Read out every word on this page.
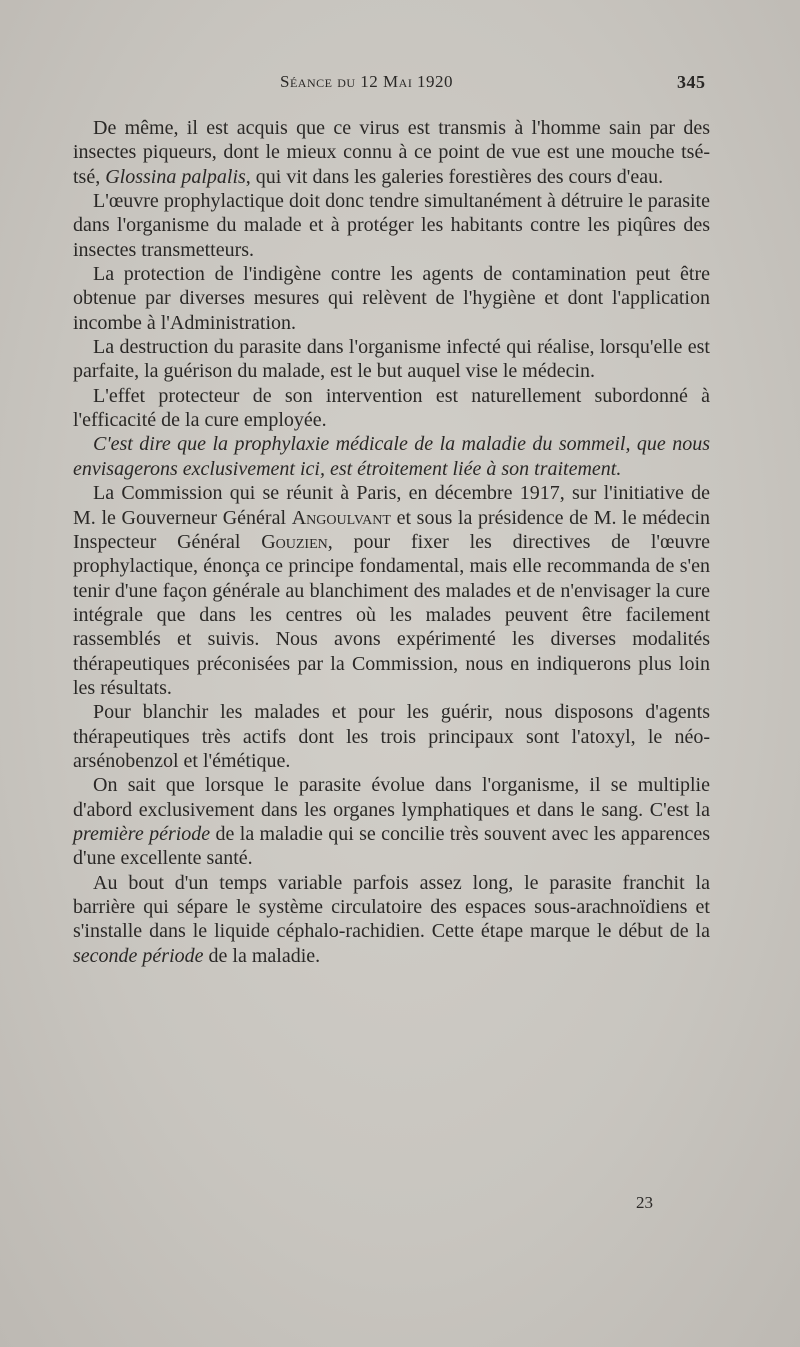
Séance du 12 Mai 1920	345

De même, il est acquis que ce virus est transmis à l'homme sain par des insectes piqueurs, dont le mieux connu à ce point de vue est une mouche tsé-tsé, Glossina palpalis, qui vit dans les galeries forestières des cours d'eau.

L'œuvre prophylactique doit donc tendre simultanément à détruire le parasite dans l'organisme du malade et à protéger les habitants contre les piqûres des insectes transmetteurs.

La protection de l'indigène contre les agents de contamination peut être obtenue par diverses mesures qui relèvent de l'hygiène et dont l'application incombe à l'Administration.

La destruction du parasite dans l'organisme infecté qui réalise, lorsqu'elle est parfaite, la guérison du malade, est le but auquel vise le médecin.

L'effet protecteur de son intervention est naturellement subordonné à l'efficacité de la cure employée.

C'est dire que la prophylaxie médicale de la maladie du sommeil, que nous envisagerons exclusivement ici, est étroitement liée à son traitement.

La Commission qui se réunit à Paris, en décembre 1917, sur l'initiative de M. le Gouverneur Général Angoulvant et sous la présidence de M. le médecin Inspecteur Général Gouzien, pour fixer les directives de l'œuvre prophylactique, énonça ce principe fondamental, mais elle recommanda de s'en tenir d'une façon générale au blanchiment des malades et de n'envisager la cure intégrale que dans les centres où les malades peuvent être facilement rassemblés et suivis. Nous avons expérimenté les diverses modalités thérapeutiques préconisées par la Commission, nous en indiquerons plus loin les résultats.

Pour blanchir les malades et pour les guérir, nous disposons d'agents thérapeutiques très actifs dont les trois principaux sont l'atoxyl, le néo-arsénobenzol et l'émétique.

On sait que lorsque le parasite évolue dans l'organisme, il se multiplie d'abord exclusivement dans les organes lymphatiques et dans le sang. C'est la première période de la maladie qui se concilie très souvent avec les apparences d'une excellente santé.

Au bout d'un temps variable parfois assez long, le parasite franchit la barrière qui sépare le système circulatoire des espaces sous-arachnoïdiens et s'installe dans le liquide céphalo-rachidien. Cette étape marque le début de la seconde période de la maladie.

23
